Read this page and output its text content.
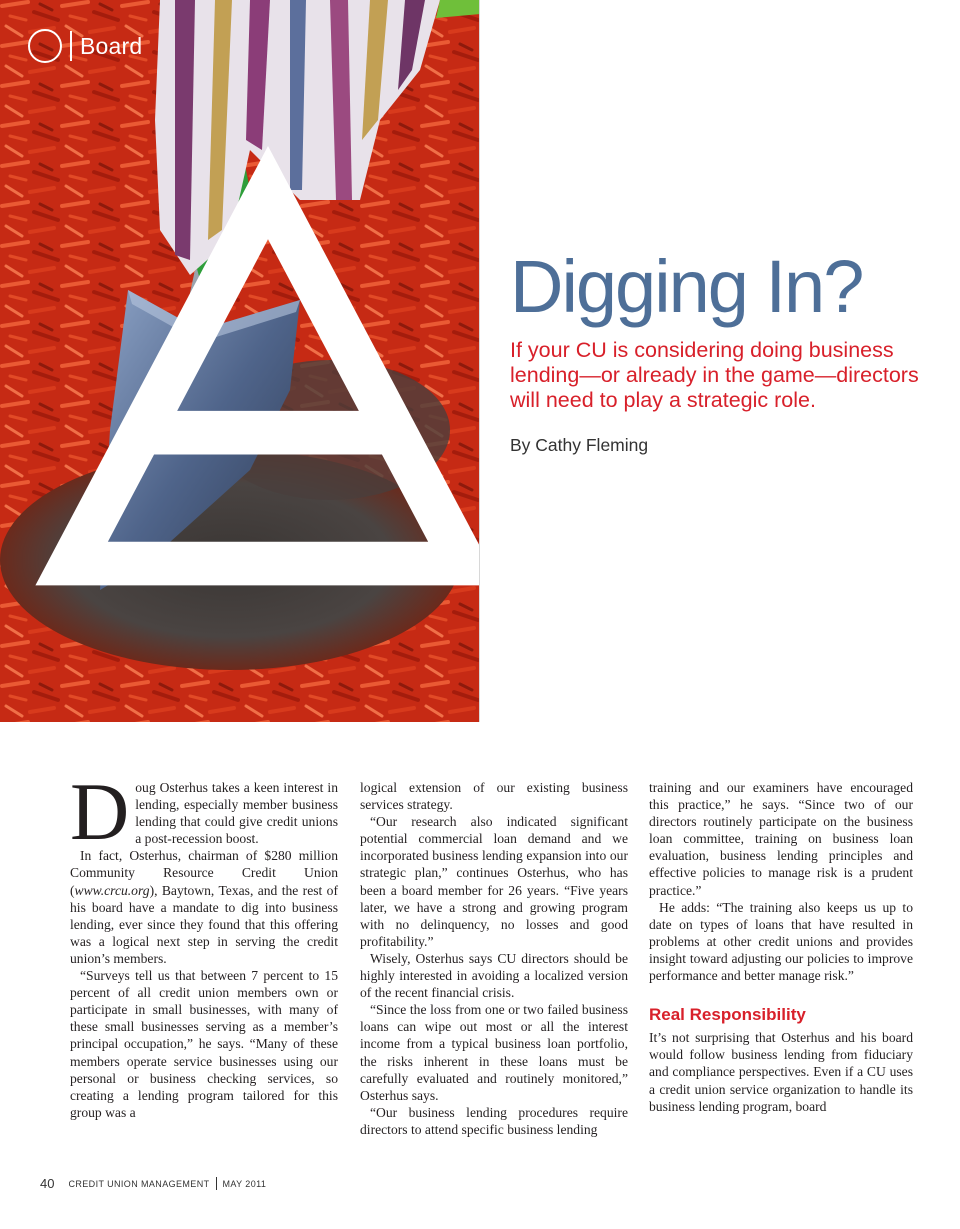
Board
Digging In?

If your CU is considering doing business lending—or already in the game—directors will need to play a strategic role.

By Cathy Fleming

Doug Osterhus takes a keen interest in lending, especially member business lending that could give credit unions a post-recession boost.

In fact, Osterhus, chairman of $280 million Community Resource Credit Union (www.crcu.org), Baytown, Texas, and the rest of his board have a mandate to dig into business lending, ever since they found that this offering was a logical next step in serving the credit union’s members.

“Surveys tell us that between 7 percent to 15 percent of all credit union members own or participate in small businesses, with many of these small businesses serving as a member’s principal occupation,” he says. “Many of these members operate service businesses using our personal or business checking services, so creating a lending program tailored for this group was a

logical extension of our existing business services strategy.

“Our research also indicated significant potential commercial loan demand and we incorporated business lending expansion into our strategic plan,” continues Osterhus, who has been a board member for 26 years. “Five years later, we have a strong and growing program with no delinquency, no losses and good profitability.”

Wisely, Osterhus says CU directors should be highly interested in avoiding a localized version of the recent financial crisis.

“Since the loss from one or two failed business loans can wipe out most or all the interest income from a typical business loan portfolio, the risks inherent in these loans must be carefully evaluated and routinely monitored,” Osterhus says.

“Our business lending procedures require directors to attend specific business lending

training and our examiners have encouraged this practice,” he says. “Since two of our directors routinely participate on the business loan committee, training on business loan evaluation, business lending principles and effective policies to manage risk is a prudent practice.”

He adds: “The training also keeps us up to date on types of loans that have resulted in problems at other credit unions and provides insight toward adjusting our policies to improve performance and better manage risk.”

Real Responsibility

It’s not surprising that Osterhus and his board would follow business lending from fiduciary and compliance perspectives. Even if a CU uses a credit union service organization to handle its business lending program, board

40 CREDIT UNION MANAGEMENT MAY 2011
